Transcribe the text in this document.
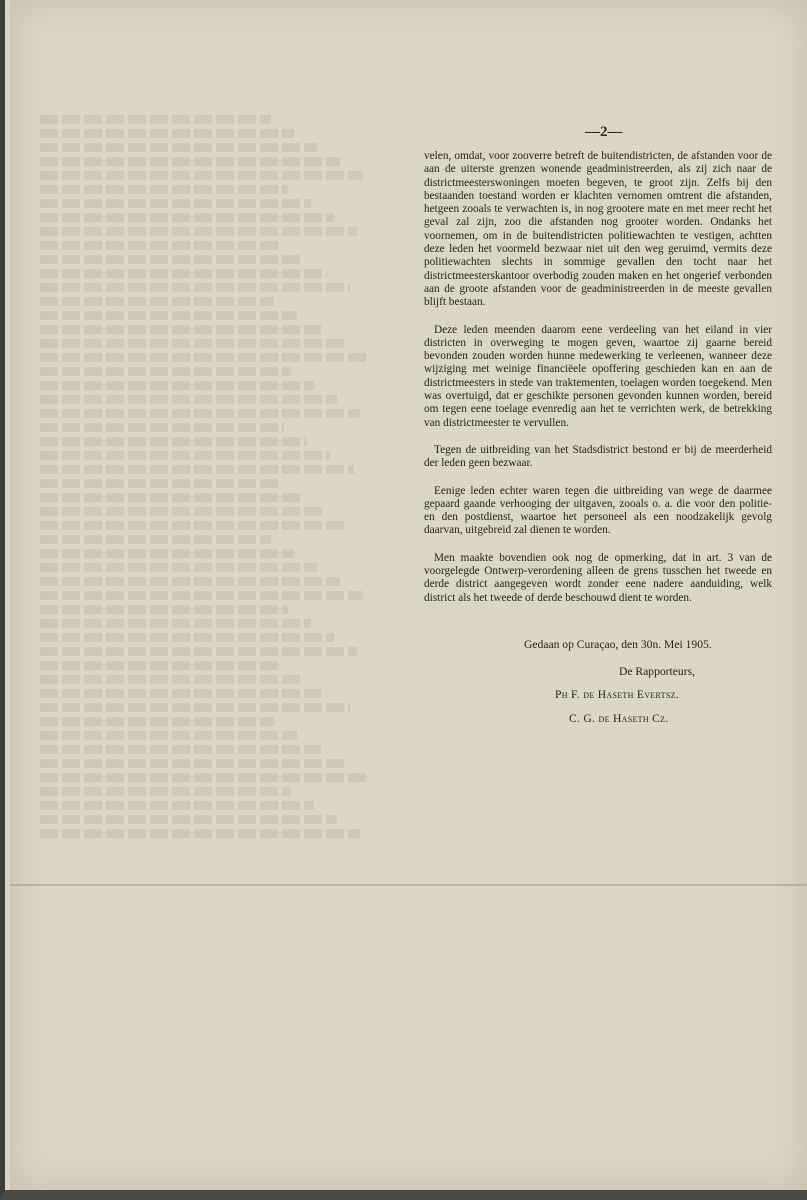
—2—

velen, omdat, voor zooverre betreft de buitendistricten, de afstanden voor de aan de uiterste grenzen wonende geadministreerden, als zij zich naar de districtmeesterswoningen moeten begeven, te groot zijn. Zelfs bij den bestaanden toestand worden er klachten vernomen omtrent die afstanden, hetgeen zooals te verwachten is, in nog grootere mate en met meer recht het geval zal zijn, zoo die afstanden nog grooter worden. Ondanks het voornemen, om in de buitendistricten politiewachten te vestigen, achtten deze leden het voormeld bezwaar niet uit den weg geruimd, vermits deze politiewachten slechts in sommige gevallen den tocht naar het districtmeesterskantoor overbodig zouden maken en het ongerief verbonden aan de groote afstanden voor de geadministreerden in de meeste gevallen blijft bestaan.

Deze leden meenden daarom eene verdeeling van het eiland in vier districten in overweging te mogen geven, waartoe zij gaarne bereid bevonden zouden worden hunne medewerking te verleenen, wanneer deze wijziging met weinige financiëele opoffering geschieden kan en aan de districtmeesters in stede van traktementen, toelagen worden toegekend. Men was overtuigd, dat er geschikte personen gevonden kunnen worden, bereid om tegen eene toelage evenredig aan het te verrichten werk, de betrekking van districtmeester te vervullen.

Tegen de uitbreiding van het Stadsdistrict bestond er bij de meerderheid der leden geen bezwaar.

Eenige leden echter waren tegen die uitbreiding van wege de daarmee gepaard gaande verhooging der uitgaven, zooals o. a. die voor den politie- en den postdienst, waartoe het personeel als een noodzakelijk gevolg daarvan, uitgebreid zal dienen te worden.

Men maakte bovendien ook nog de opmerking, dat in art. 3 van de voorgelegde Ontwerp-verordening alleen de grens tusschen het tweede en derde district aangegeven wordt zonder eene nadere aanduiding, welk district als het tweede of derde beschouwd dient te worden.

Gedaan op Curaçao, den 30n. Mei 1905.
De Rapporteurs,
Ph F. de Haseth Evertsz.
C. G. de Haseth Cz.
